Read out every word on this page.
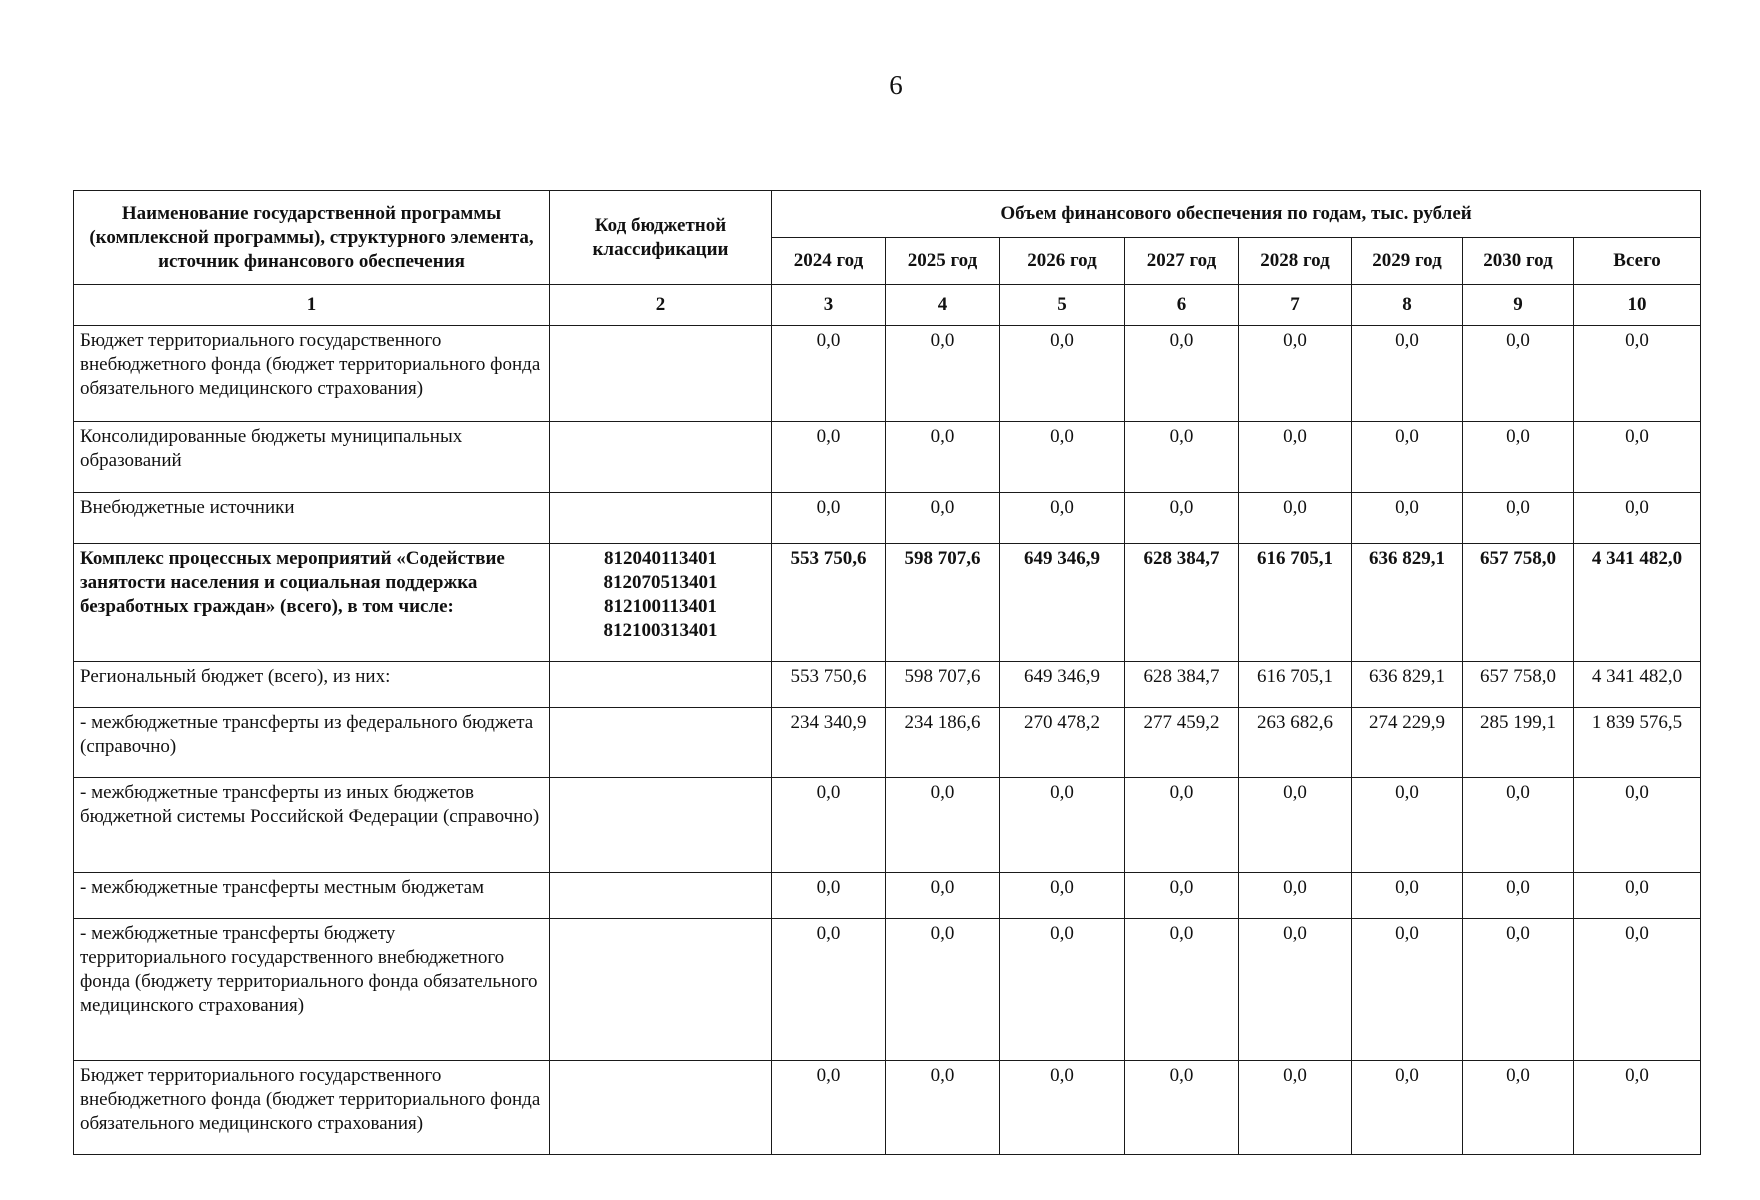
6
Наименование государственной программы (комплексной программы), структурного элемента, источник финансового обеспечения	Код бюджетной классификации	Объем финансового обеспечения по годам, тыс. рублей							
		2024 год	2025 год	2026 год	2027 год	2028 год	2029 год	2030 год	Всего
1	2	3	4	5	6	7	8	9	10
Бюджет территориального государственного внебюджетного фонда (бюджет территориального фонда обязательного медицинского страхования)		0,0	0,0	0,0	0,0	0,0	0,0	0,0	0,0
Консолидированные бюджеты муниципальных образований		0,0	0,0	0,0	0,0	0,0	0,0	0,0	0,0
Внебюджетные источники		0,0	0,0	0,0	0,0	0,0	0,0	0,0	0,0
Комплекс процессных мероприятий «Содействие занятости населения и социальная поддержка безработных граждан» (всего), в том числе:	812040113401
812070513401
812100113401
812100313401	553 750,6	598 707,6	649 346,9	628 384,7	616 705,1	636 829,1	657 758,0	4 341 482,0
Региональный бюджет (всего), из них:		553 750,6	598 707,6	649 346,9	628 384,7	616 705,1	636 829,1	657 758,0	4 341 482,0
- межбюджетные трансферты из федерального бюджета (справочно)		234 340,9	234 186,6	270 478,2	277 459,2	263 682,6	274 229,9	285 199,1	1 839 576,5
- межбюджетные трансферты из иных бюджетов бюджетной системы Российской Федерации (справочно)		0,0	0,0	0,0	0,0	0,0	0,0	0,0	0,0
- межбюджетные трансферты местным бюджетам		0,0	0,0	0,0	0,0	0,0	0,0	0,0	0,0
- межбюджетные трансферты бюджету территориального государственного внебюджетного фонда (бюджету территориального фонда обязательного медицинского страхования)		0,0	0,0	0,0	0,0	0,0	0,0	0,0	0,0
Бюджет территориального государственного внебюджетного фонда (бюджет территориального фонда обязательного медицинского страхования)		0,0	0,0	0,0	0,0	0,0	0,0	0,0	0,0
